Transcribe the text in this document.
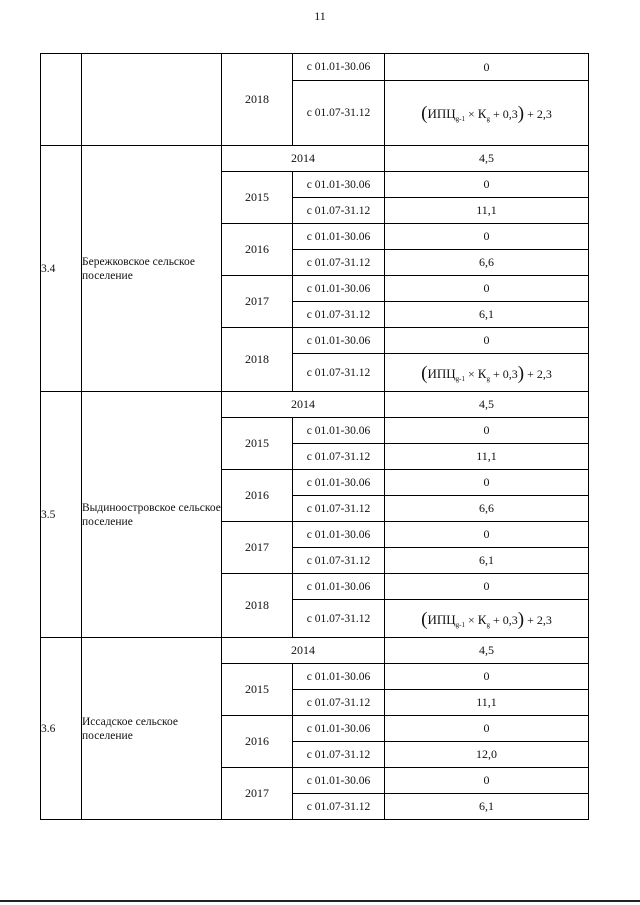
11
		2018	с 01.01-30.06	0
			с 01.07-31.12	$(ИПЦ_{g-1} \times К_g + 0,3) + 2,3$
3.4	Бережковское сельское поселение	2014		4,5
		2015	с 01.01-30.06	0
			с 01.07-31.12	11,1
		2016	с 01.01-30.06	0
			с 01.07-31.12	6,6
		2017	с 01.01-30.06	0
			с 01.07-31.12	6,1
		2018	с 01.01-30.06	0
			с 01.07-31.12	$(ИПЦ_{g-1} \times К_g + 0,3) + 2,3$
3.5	Выдиноостровское сельское поселение	2014		4,5
		2015	с 01.01-30.06	0
			с 01.07-31.12	11,1
		2016	с 01.01-30.06	0
			с 01.07-31.12	6,6
		2017	с 01.01-30.06	0
			с 01.07-31.12	6,1
		2018	с 01.01-30.06	0
			с 01.07-31.12	$(ИПЦ_{g-1} \times К_g + 0,3) + 2,3$
3.6	Иссадское сельское поселение	2014		4,5
		2015	с 01.01-30.06	0
			с 01.07-31.12	11,1
		2016	с 01.01-30.06	0
			с 01.07-31.12	12,0
		2017	с 01.01-30.06	0
			с 01.07-31.12	6,1
